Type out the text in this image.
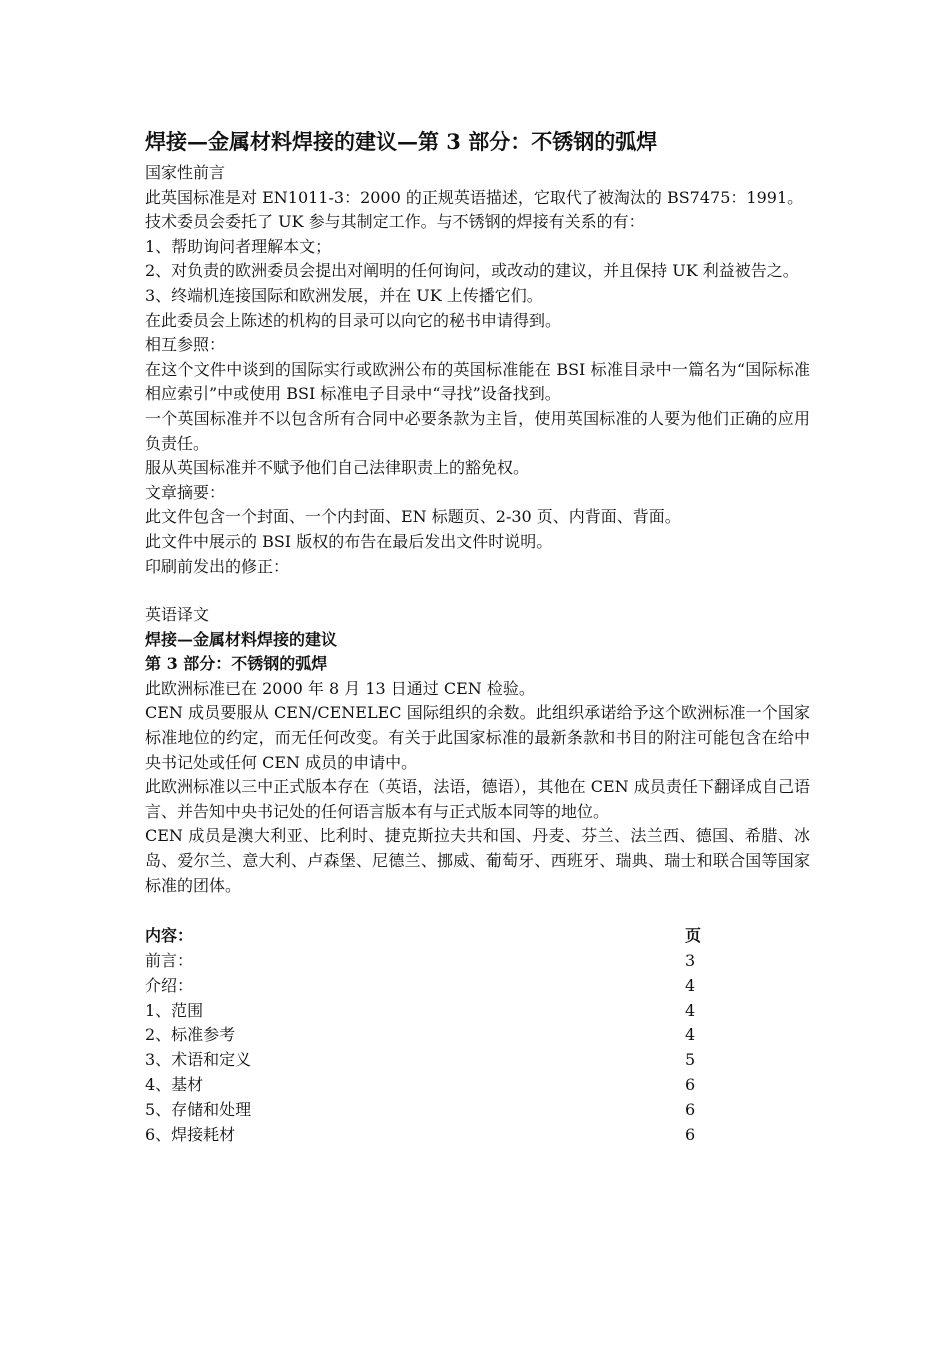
焊接—金属材料焊接的建议—第 3 部分：不锈钢的弧焊

国家性前言

此英国标准是对 EN1011-3：2000 的正规英语描述，它取代了被淘汰的 BS7475：1991。

技术委员会委托了 UK 参与其制定工作。与不锈钢的焊接有关系的有：

1、帮助询问者理解本文；

2、对负责的欧洲委员会提出对阐明的任何询问，或改动的建议，并且保持 UK 利益被告之。

3、终端机连接国际和欧洲发展，并在 UK 上传播它们。

在此委员会上陈述的机构的目录可以向它的秘书申请得到。

相互参照：

在这个文件中谈到的国际实行或欧洲公布的英国标准能在 BSI 标准目录中一篇名为“国际标准相应索引”中或使用 BSI 标准电子目录中“寻找”设备找到。

一个英国标准并不以包含所有合同中必要条款为主旨，使用英国标准的人要为他们正确的应用负责任。

服从英国标准并不赋予他们自己法律职责上的豁免权。

文章摘要：

此文件包含一个封面、一个内封面、EN 标题页、2-30 页、内背面、背面。

此文件中展示的 BSI 版权的布告在最后发出文件时说明。

印刷前发出的修正：

英语译文

焊接—金属材料焊接的建议

第 3 部分：不锈钢的弧焊

此欧洲标准已在 2000 年 8 月 13 日通过 CEN 检验。

CEN 成员要服从 CEN/CENELEC 国际组织的余数。此组织承诺给予这个欧洲标准一个国家标准地位的约定，而无任何改变。有关于此国家标准的最新条款和书目的附注可能包含在给中央书记处或任何 CEN 成员的申请中。

此欧洲标准以三中正式版本存在（英语，法语，德语），其他在 CEN 成员责任下翻译成自己语言、并告知中央书记处的任何语言版本有与正式版本同等的地位。

CEN 成员是澳大利亚、比利时、捷克斯拉夫共和国、丹麦、芬兰、法兰西、德国、希腊、冰岛、爱尔兰、意大利、卢森堡、尼德兰、挪威、葡萄牙、西班牙、瑞典、瑞士和联合国等国家标准的团体。

内容：	页
前言：	3
介绍：	4
1、范围	4
2、标准参考	4
3、术语和定义	5
4、基材	6
5、存储和处理	6
6、焊接耗材	6
